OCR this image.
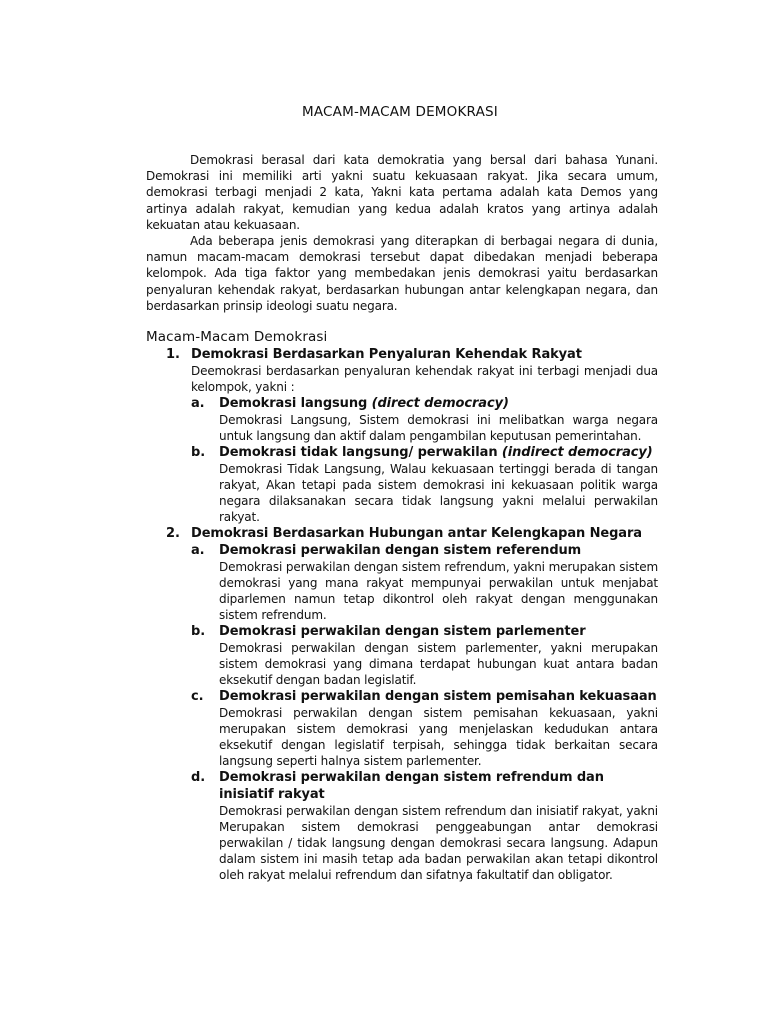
MACAM-MACAM DEMOKRASI

Demokrasi berasal dari kata demokratia yang bersal dari bahasa Yunani. Demokrasi ini memiliki arti yakni suatu kekuasaan rakyat. Jika secara umum, demokrasi terbagi menjadi 2 kata, Yakni kata pertama adalah kata Demos yang artinya adalah rakyat, kemudian yang kedua adalah kratos yang artinya adalah kekuatan atau kekuasaan.

Ada beberapa jenis demokrasi yang diterapkan di berbagai negara di dunia, namun macam-macam demokrasi tersebut dapat dibedakan menjadi beberapa kelompok. Ada tiga faktor yang membedakan jenis demokrasi yaitu berdasarkan penyaluran kehendak rakyat, berdasarkan hubungan antar kelengkapan negara, dan berdasarkan prinsip ideologi suatu negara.

Macam-Macam Demokrasi
1. Demokrasi Berdasarkan Penyaluran Kehendak Rakyat
Deemokrasi berdasarkan penyaluran kehendak rakyat ini terbagi menjadi dua kelompok, yakni :
a.	Demokrasi langsung (direct democracy)
Demokrasi Langsung, Sistem demokrasi ini melibatkan warga negara untuk langsung dan aktif dalam pengambilan keputusan pemerintahan.
b.	Demokrasi tidak langsung/ perwakilan (indirect democracy)
Demokrasi Tidak Langsung, Walau kekuasaan tertinggi berada di tangan rakyat, Akan tetapi pada sistem demokrasi ini kekuasaan politik warga negara dilaksanakan secara tidak langsung yakni melalui perwakilan rakyat.
2. Demokrasi Berdasarkan Hubungan antar Kelengkapan Negara
a.	Demokrasi perwakilan dengan sistem referendum
Demokrasi perwakilan dengan sistem refrendum, yakni merupakan sistem demokrasi yang mana rakyat mempunyai perwakilan untuk menjabat diparlemen namun tetap dikontrol oleh rakyat dengan menggunakan sistem refrendum.
b.	Demokrasi perwakilan dengan sistem parlementer
Demokrasi perwakilan dengan sistem parlementer, yakni merupakan sistem demokrasi yang dimana terdapat hubungan kuat antara badan eksekutif dengan badan legislatif.
c.	Demokrasi perwakilan dengan sistem pemisahan kekuasaan
Demokrasi perwakilan dengan sistem pemisahan kekuasaan, yakni merupakan sistem demokrasi yang menjelaskan kedudukan antara eksekutif dengan legislatif terpisah, sehingga tidak berkaitan secara langsung seperti halnya sistem parlementer.
d.	Demokrasi perwakilan dengan sistem refrendum dan inisiatif rakyat
Demokrasi perwakilan dengan sistem refrendum dan inisiatif rakyat, yakni Merupakan sistem demokrasi penggeabungan antar demokrasi perwakilan / tidak langsung dengan demokrasi secara langsung. Adapun dalam sistem ini masih tetap ada badan perwakilan akan tetapi dikontrol oleh rakyat melalui refrendum dan sifatnya fakultatif dan obligator.
